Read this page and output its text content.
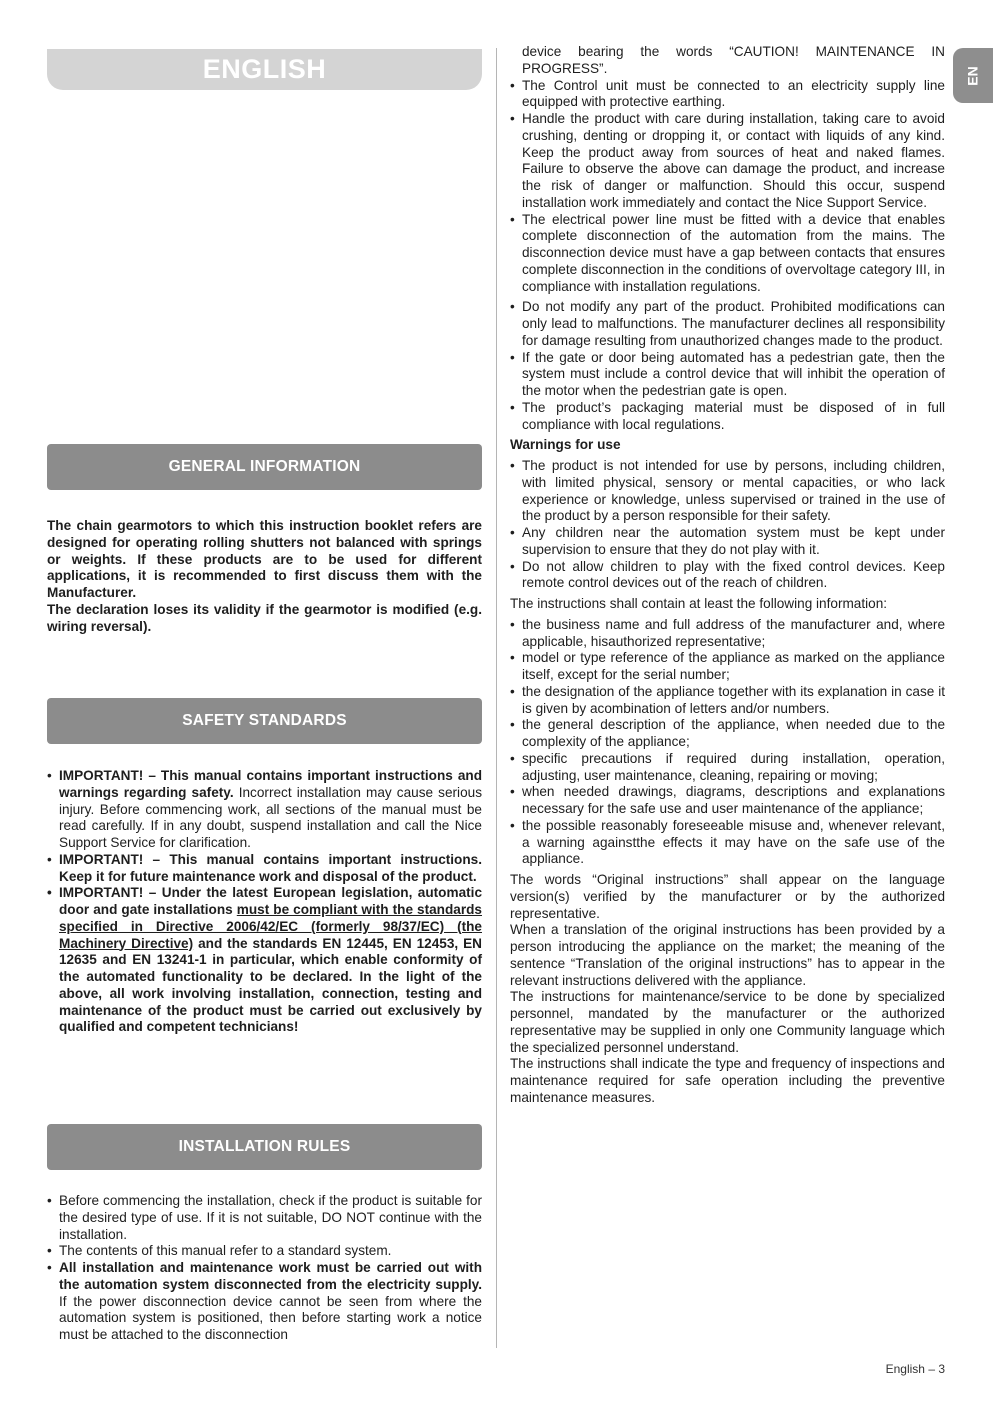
ENGLISH	EN
GENERAL INFORMATION

The chain gearmotors to which this instruction booklet refers are designed for operating rolling shutters not balanced with springs or weights. If these products are to be used for different applications, it is recommended to first discuss them with the Manufacturer.

The declaration loses its validity if the gearmotor is modified (e.g. wiring reversal).

SAFETY STANDARDS
• IMPORTANT! – This manual contains important instructions and warnings regarding safety. Incorrect installation may cause serious injury. Before commencing work, all sections of the manual must be read carefully. If in any doubt, suspend installation and call the Nice Support Service for clarification.
• IMPORTANT! – This manual contains important instructions. Keep it for future maintenance work and disposal of the product.
• IMPORTANT! – Under the latest European legislation, automatic door and gate installations must be compliant with the standards specified in Directive 2006/42/EC (formerly 98/37/EC) (the Machinery Directive) and the standards EN 12445, EN 12453, EN 12635 and EN 13241-1 in particular, which enable conformity of the automated functionality to be declared. In the light of the above, all work involving installation, connection, testing and maintenance of the product must be carried out exclusively by qualified and competent technicians!
INSTALLATION RULES
• Before commencing the installation, check if the product is suitable for the desired type of use. If it is not suitable, DO NOT continue with the installation.
• The contents of this manual refer to a standard system.
• All installation and maintenance work must be carried out with the automation system disconnected from the electricity supply. If the power disconnection device cannot be seen from where the automation system is positioned, then before starting work a notice must be attached to the disconnection

device bearing the words “CAUTION! MAINTENANCE IN PROGRESS”.

• The Control unit must be connected to an electricity supply line equipped with protective earthing.
• Handle the product with care during installation, taking care to avoid crushing, denting or dropping it, or contact with liquids of any kind. Keep the product away from sources of heat and naked flames. Failure to observe the above can damage the product, and increase the risk of danger or malfunction. Should this occur, suspend installation work immediately and contact the Nice Support Service.
• The electrical power line must be fitted with a device that enables complete disconnection of the automation from the mains. The disconnection device must have a gap between contacts that ensures complete disconnection in the conditions of overvoltage category III, in compliance with installation regulations.
• Do not modify any part of the product. Prohibited modifications can only lead to malfunctions. The manufacturer declines all responsibility for damage resulting from unauthorized changes made to the product.
• If the gate or door being automated has a pedestrian gate, then the system must include a control device that will inhibit the operation of the motor when the pedestrian gate is open.
• The product’s packaging material must be disposed of in full compliance with local regulations.

Warnings for use

• The product is not intended for use by persons, including children, with limited physical, sensory or mental capacities, or who lack experience or knowledge, unless supervised or trained in the use of the product by a person responsible for their safety.
• Any children near the automation system must be kept under supervision to ensure that they do not play with it.
• Do not allow children to play with the fixed control devices. Keep remote control devices out of the reach of children.

The instructions shall contain at least the following information:

• the business name and full address of the manufacturer and, where applicable, hisauthorized representative;
• model or type reference of the appliance as marked on the appliance itself, except for the serial number;
• the designation of the appliance together with its explanation in case it is given by acombination of letters and/or numbers.
• the general description of the appliance, when needed due to the complexity of the appliance;
• specific precautions if required during installation, operation, adjusting, user maintenance, cleaning, repairing or moving;
• when needed drawings, diagrams, descriptions and explanations necessary for the safe use and user maintenance of the appliance;
• the possible reasonably foreseeable misuse and, whenever relevant, a warning againstthe effects it may have on the safe use of the appliance.

The words “Original instructions” shall appear on the language version(s) verified by the manufacturer or by the authorized representative.

When a translation of the original instructions has been provided by a person introducing the appliance on the market; the meaning of the sentence “Translation of the original instructions” has to appear in the relevant instructions delivered with the appliance.

The instructions for maintenance/service to be done by specialized personnel, mandated by the manufacturer or the authorized representative may be supplied in only one Community language which the specialized personnel understand.

The instructions shall indicate the type and frequency of inspections and maintenance required for safe operation including the preventive maintenance measures.

English – 3
